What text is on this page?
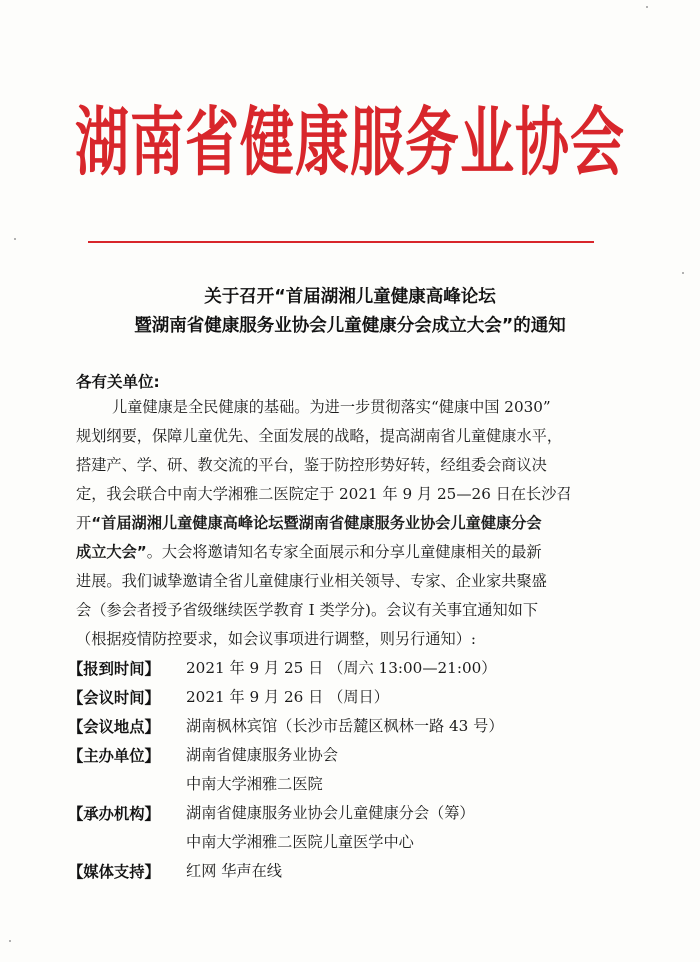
湖南省健康服务业协会
关于召开“首届湖湘儿童健康高峰论坛
暨湖南省健康服务业协会儿童健康分会成立大会”的通知
各有关单位:
儿童健康是全民健康的基础。为进一步贯彻落实“健康中国 2030”
规划纲要，保障儿童优先、全面发展的战略，提高湖南省儿童健康水平，
搭建产、学、研、教交流的平台，鉴于防控形势好转，经组委会商议决
定，我会联合中南大学湘雅二医院定于 2021 年 9 月 25—26 日在长沙召
开“首届湖湘儿童健康高峰论坛暨湖南省健康服务业协会儿童健康分会
成立大会”。大会将邀请知名专家全面展示和分享儿童健康相关的最新
进展。我们诚挚邀请全省儿童健康行业相关领导、专家、企业家共聚盛
会（参会者授予省级继续医学教育 I 类学分)。会议有关事宜通知如下
（根据疫情防控要求，如会议事项进行调整，则另行通知）:
【报到时间】 2021 年 9 月 25 日 （周六 13:00—21:00）
【会议时间】 2021 年 9 月 26 日 （周日）
【会议地点】 湖南枫林宾馆（长沙市岳麓区枫林一路 43 号）
【主办单位】 湖南省健康服务业协会
中南大学湘雅二医院
【承办机构】 湖南省健康服务业协会儿童健康分会（筹）
中南大学湘雅二医院儿童医学中心
【媒体支持】 红网 华声在线
